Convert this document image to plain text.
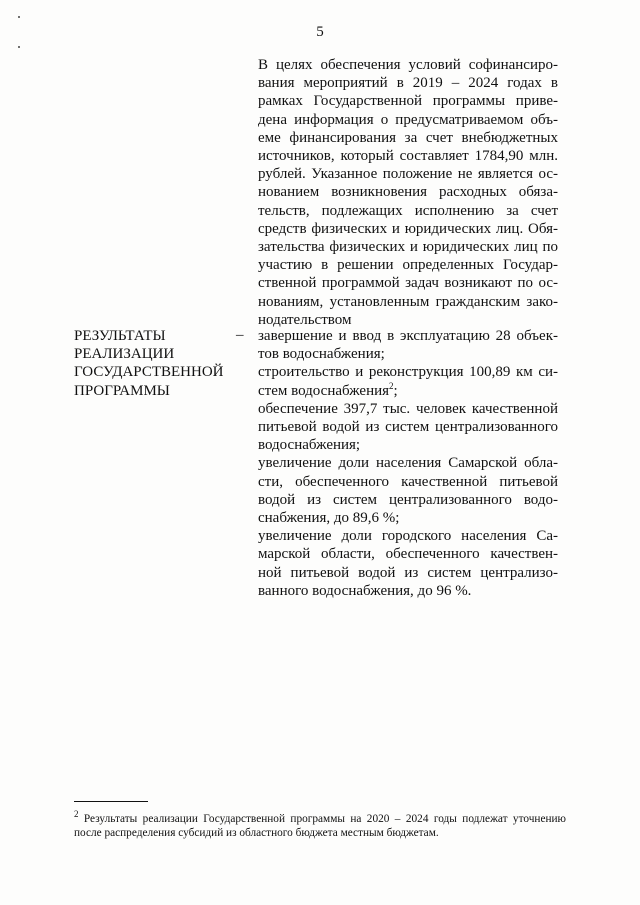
5

В целях обеспечения условий софинансиро-вания мероприятий в 2019 – 2024 годах в рамках Государственной программы приве-дена информация о предусматриваемом объ-еме финансирования за счет внебюджетных источников, который составляет 1784,90 млн. рублей. Указанное положение не является ос-нованием возникновения расходных обяза-тельств, подлежащих исполнению за счет средств физических и юридических лиц. Обя-зательства физических и юридических лиц по участию в решении определенных Государ-ственной программой задач возникают по ос-нованиям, установленным гражданским зако-нодательством

РЕЗУЛЬТАТЫ РЕАЛИЗАЦИИ ГОСУДАРСТВЕННОЙ ПРОГРАММЫ
– завершение и ввод в эксплуатацию 28 объек-тов водоснабжения;

строительство и реконструкция 100,89 км си-стем водоснабжения$^2$;

обеспечение 397,7 тыс. человек качественной питьевой водой из систем централизованного водоснабжения;

увеличение доли населения Самарской обла-сти, обеспеченного качественной питьевой водой из систем централизованного водо-снабжения, до 89,6 %;

увеличение доли городского населения Са-марской области, обеспеченного качествен-ной питьевой водой из систем централизо-ванного водоснабжения, до 96 %.

$^2$ Результаты реализации Государственной программы на 2020 – 2024 годы подлежат уточнению после распределения субсидий из областного бюджета местным бюджетам.
